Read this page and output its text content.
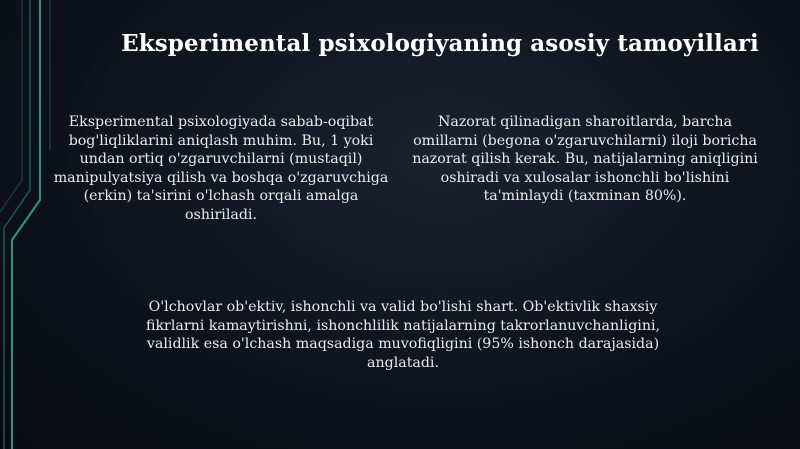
Eksperimental psixologiyaning asosiy tamoyillari
Eksperimental psixologiyada sabab-oqibat bog'liqliklarini aniqlash muhim. Bu, 1 yoki undan ortiq o'zgaruvchilarni (mustaqil) manipulyatsiya qilish va boshqa o'zgaruvchiga (erkin) ta'sirini o'lchash orqali amalga oshiriladi.
Nazorat qilinadigan sharoitlarda, barcha omillarni (begona o'zgaruvchilarni) iloji boricha nazorat qilish kerak. Bu, natijalarning aniqligini oshiradi va xulosalar ishonchli bo'lishini ta'minlaydi (taxminan 80%).
O'lchovlar ob'ektiv, ishonchli va valid bo'lishi shart. Ob'ektivlik shaxsiy fikrlarni kamaytirishni, ishonchlilik natijalarning takrorlanuvchanligini, validlik esa o'lchash maqsadiga muvofiqligini (95% ishonch darajasida) anglatadi.
